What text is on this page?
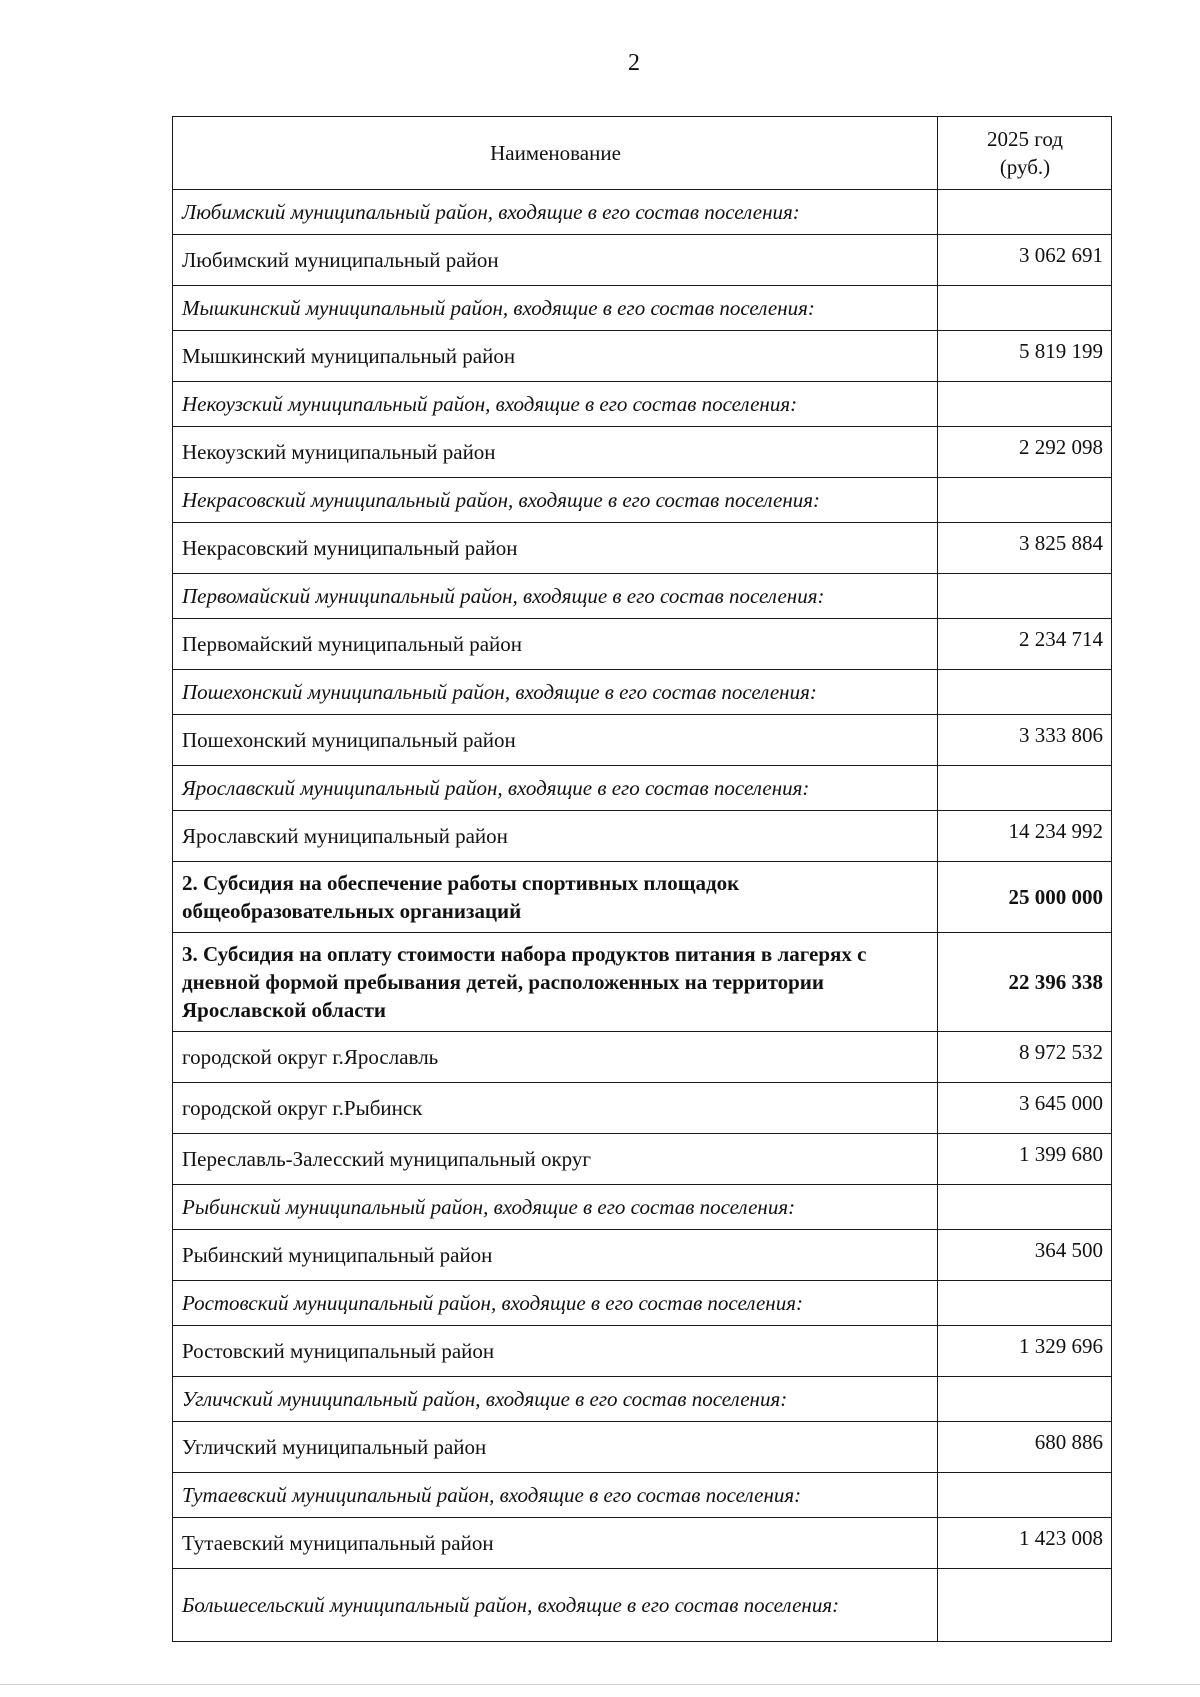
2
Наименование	2025 год
(руб.)

Любимский муниципальный район, входящие в его состав поселения:	
Любимский муниципальный район	3 062 691
Мышкинский муниципальный район, входящие в его состав поселения:	
Мышкинский муниципальный район	5 819 199
Некоузский муниципальный район, входящие в его состав поселения:	
Некоузский муниципальный район	2 292 098
Некрасовский муниципальный район, входящие в его состав поселения:	
Некрасовский муниципальный район	3 825 884
Первомайский муниципальный район, входящие в его состав поселения:	
Первомайский муниципальный район	2 234 714
Пошехонский муниципальный район, входящие в его состав поселения:	
Пошехонский муниципальный район	3 333 806
Ярославский муниципальный район, входящие в его состав поселения:	
Ярославский муниципальный район	14 234 992
2. Субсидия на обеспечение работы спортивных площадок общеобразовательных организаций	25 000 000
3. Субсидия на оплату стоимости набора продуктов питания в лагерях с дневной формой пребывания детей, расположенных на территории Ярославской области	22 396 338
городской округ г.Ярославль	8 972 532
городской округ г.Рыбинск	3 645 000
Переславль-Залесский муниципальный округ	1 399 680
Рыбинский муниципальный район, входящие в его состав поселения:	
Рыбинский муниципальный район	364 500
Ростовский муниципальный район, входящие в его состав поселения:	
Ростовский муниципальный район	1 329 696
Угличский муниципальный район, входящие в его состав поселения:	
Угличский муниципальный район	680 886
Тутаевский муниципальный район, входящие в его состав поселения:	
Тутаевский муниципальный район	1 423 008
Большесельский муниципальный район, входящие в его состав поселения:	
